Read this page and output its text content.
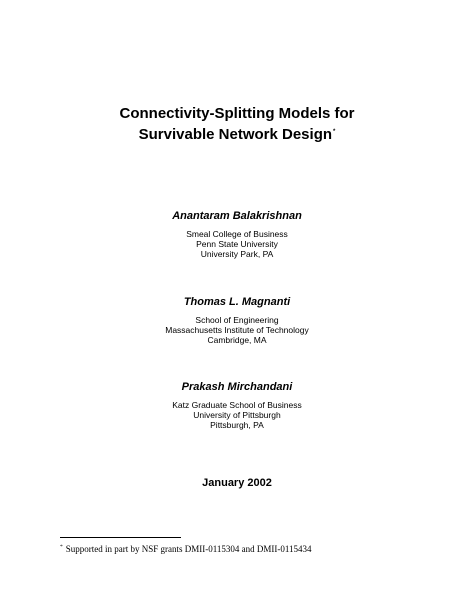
Connectivity-Splitting Models for
Survivable Network Design*
Anantaram Balakrishnan
Smeal College of Business
Penn State University
University Park, PA
Thomas L. Magnanti
School of Engineering
Massachusetts Institute of Technology
Cambridge, MA
Prakash Mirchandani
Katz Graduate School of Business
University of Pittsburgh
Pittsburgh, PA
January 2002
* Supported in part by NSF grants DMII-0115304 and DMII-0115434
